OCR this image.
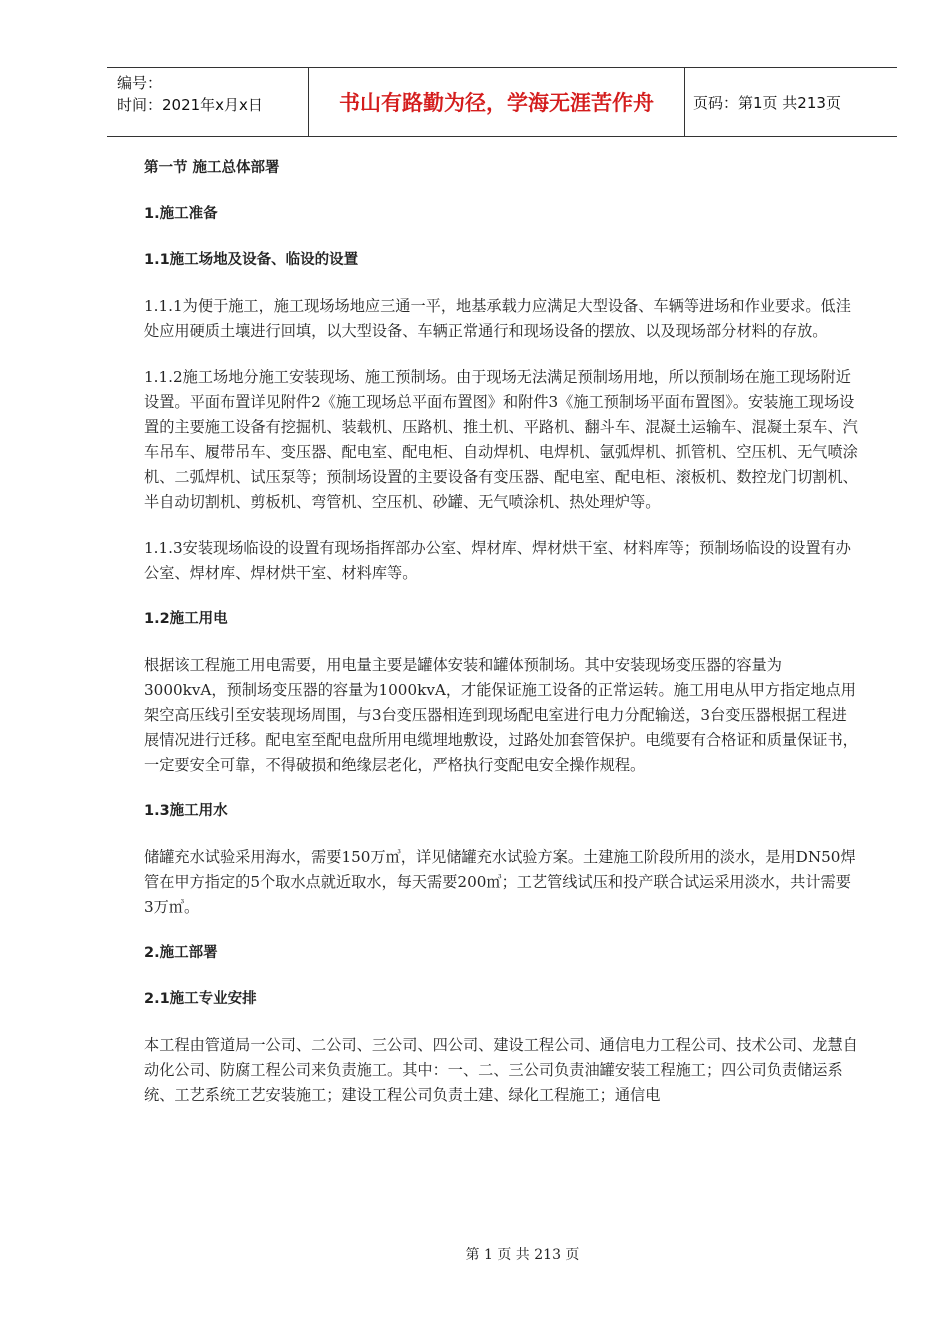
编号：
时间：2021年x月x日	书山有路勤为径，学海无涯苦作舟	页码：第1页 共213页

第一节 施工总体部署

1.施工准备

1.1施工场地及设备、临设的设置

1.1.1为便于施工，施工现场场地应三通一平，地基承载力应满足大型设备、车辆等进场和作业要求。低洼处应用硬质土壤进行回填，以大型设备、车辆正常通行和现场设备的摆放、以及现场部分材料的存放。

1.1.2施工场地分施工安装现场、施工预制场。由于现场无法满足预制场用地，所以预制场在施工现场附近设置。平面布置详见附件2《施工现场总平面布置图》和附件3《施工预制场平面布置图》。安装施工现场设置的主要施工设备有挖掘机、装载机、压路机、推土机、平路机、翻斗车、混凝土运输车、混凝土泵车、汽车吊车、履带吊车、变压器、配电室、配电柜、自动焊机、电焊机、氩弧焊机、抓管机、空压机、无气喷涂机、二弧焊机、试压泵等；预制场设置的主要设备有变压器、配电室、配电柜、滚板机、数控龙门切割机、半自动切割机、剪板机、弯管机、空压机、砂罐、无气喷涂机、热处理炉等。

1.1.3安装现场临设的设置有现场指挥部办公室、焊材库、焊材烘干室、材料库等；预制场临设的设置有办公室、焊材库、焊材烘干室、材料库等。

1.2施工用电

根据该工程施工用电需要，用电量主要是罐体安装和罐体预制场。其中安装现场变压器的容量为3000kvA，预制场变压器的容量为1000kvA，才能保证施工设备的正常运转。施工用电从甲方指定地点用架空高压线引至安装现场周围，与3台变压器相连到现场配电室进行电力分配输送，3台变压器根据工程进展情况进行迁移。配电室至配电盘所用电缆埋地敷设，过路处加套管保护。电缆要有合格证和质量保证书，一定要安全可靠，不得破损和绝缘层老化，严格执行变配电安全操作规程。

1.3施工用水

储罐充水试验采用海水，需要150万㎥，详见储罐充水试验方案。土建施工阶段所用的淡水，是用DN50焊管在甲方指定的5个取水点就近取水，每天需要200㎥；工艺管线试压和投产联合试运采用淡水，共计需要3万㎥。

2.施工部署

2.1施工专业安排

本工程由管道局一公司、二公司、三公司、四公司、建设工程公司、通信电力工程公司、技术公司、龙慧自动化公司、防腐工程公司来负责施工。其中：一、二、三公司负责油罐安装工程施工；四公司负责储运系统、工艺系统工艺安装施工；建设工程公司负责土建、绿化工程施工；通信电

第 1 页 共 213 页
